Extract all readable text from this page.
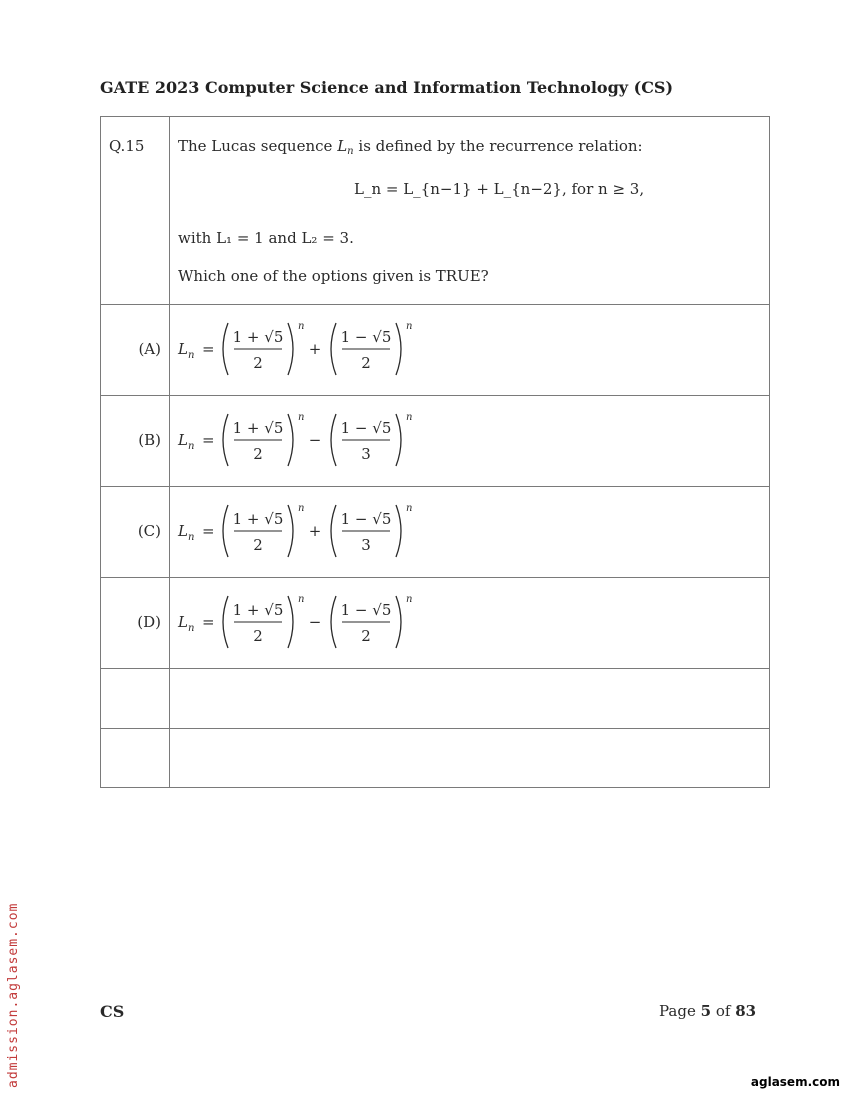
GATE 2023 Computer Science and Information Technology (CS)
Q.15 The Lucas sequence $L_n$ is defined by the recurrence relation:
L_n = L_{n−1} + L_{n−2}, for n ≥ 3,
with L₁ = 1 and L₂ = 3.
Which one of the options given is TRUE?
(A) L n =
1 + √5
2
n
+
1 − √5
2
n
(B) L n =
1 + √5
2
n
−
1 − √5
3
n
(C) L n =
1 + √5
2
n
+
1 − √5
3
n
(D) L n =
1 + √5
2
n
−
1 − √5
2
n
CS	Page 5 of 83
admission.aglasem.com	aglasem.com
